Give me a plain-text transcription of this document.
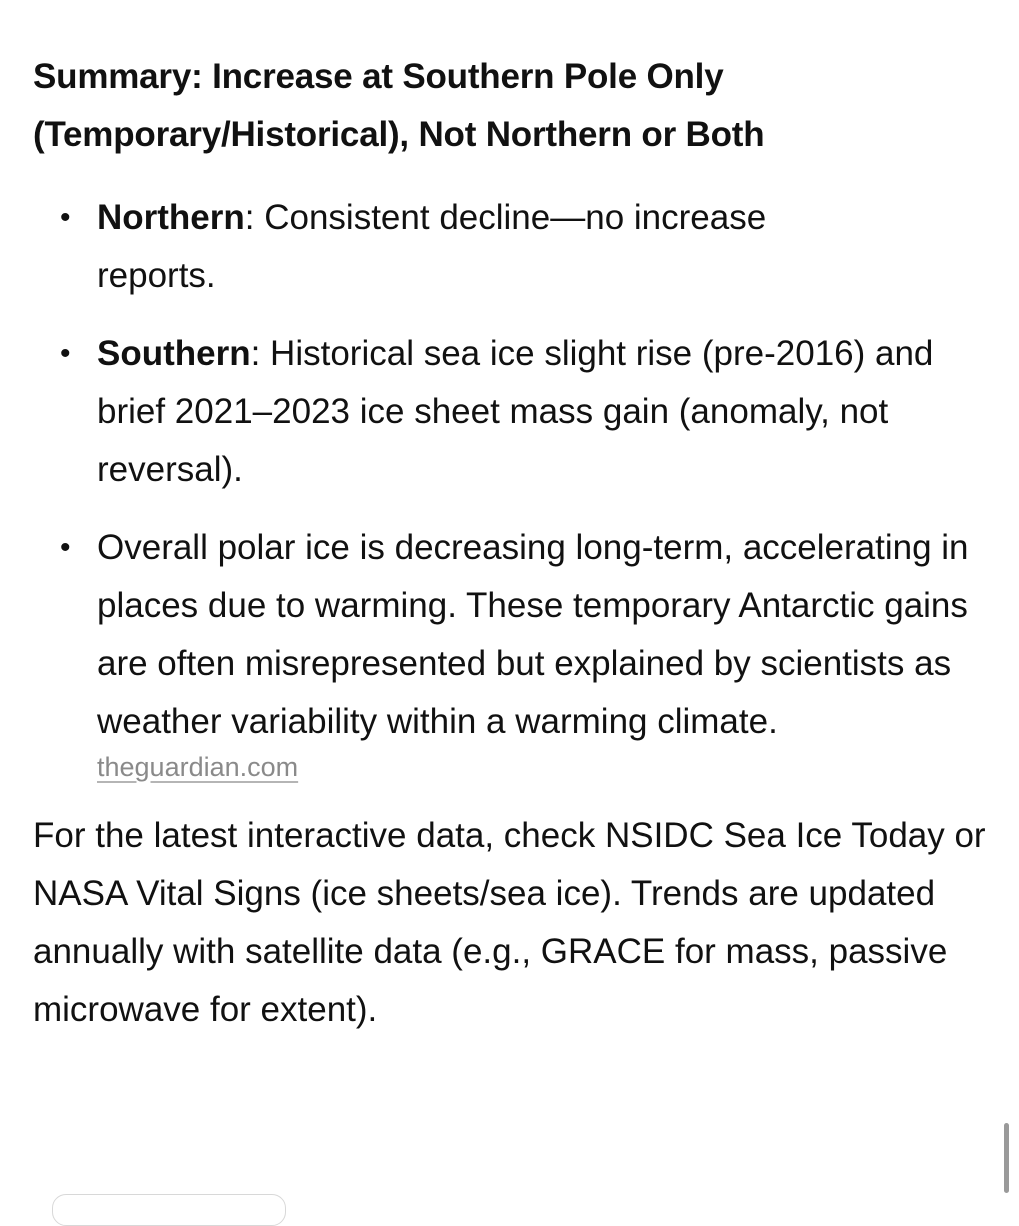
Summary: Increase at Southern Pole Only (Temporary/Historical), Not Northern or Both
• Northern: Consistent decline—no increase reports.
• Southern: Historical sea ice slight rise (pre-2016) and brief 2021–2023 ice sheet mass gain (anomaly, not reversal).
• Overall polar ice is decreasing long-term, accelerating in places due to warming. These temporary Antarctic gains are often misrepresented but explained by scientists as weather variability within a warming climate.
theguardian.com

For the latest interactive data, check NSIDC Sea Ice Today or NASA Vital Signs (ice sheets/sea ice). Trends are updated annually with satellite data (e.g., GRACE for mass, passive microwave for extent).
